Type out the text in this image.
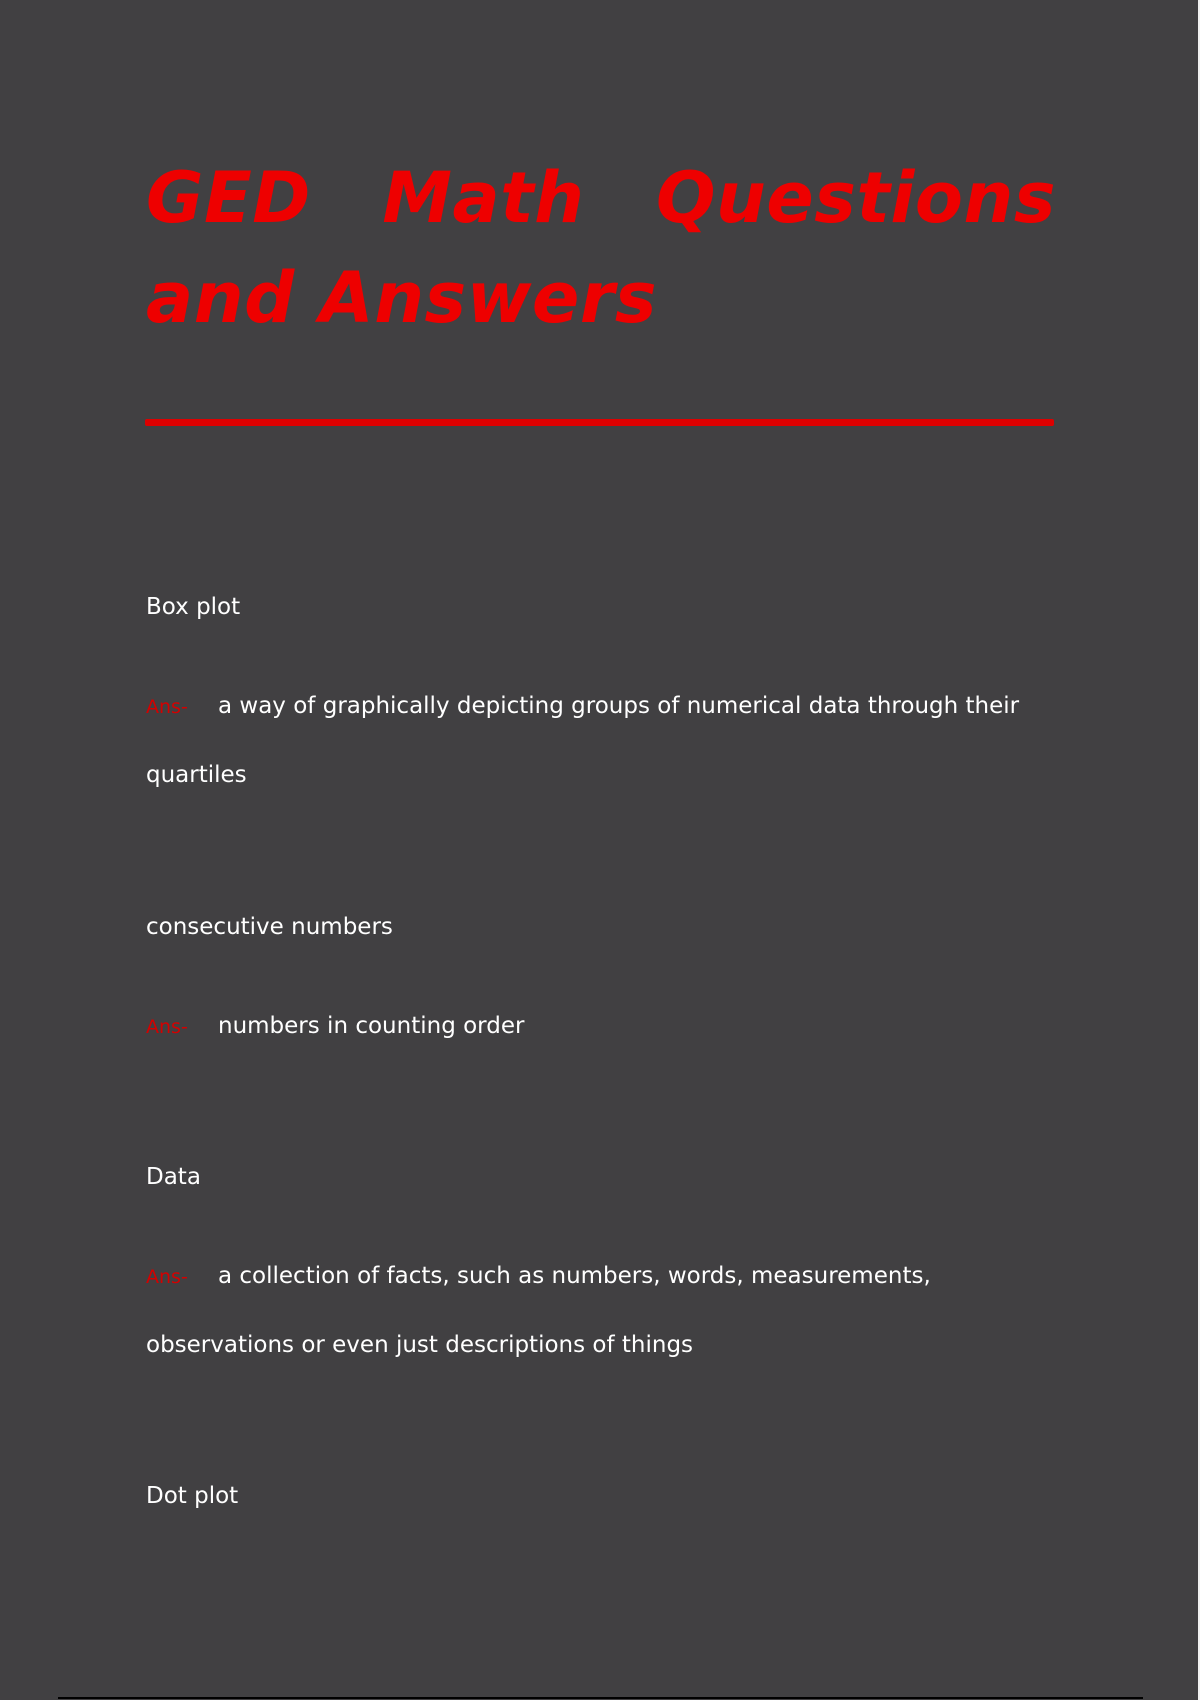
GED Math Questions and Answers

Box plot

Ans- a way of graphically depicting groups of numerical data through their quartiles

consecutive numbers

Ans- numbers in counting order

Data

Ans- a collection of facts, such as numbers, words, measurements, observations or even just descriptions of things

Dot plot
